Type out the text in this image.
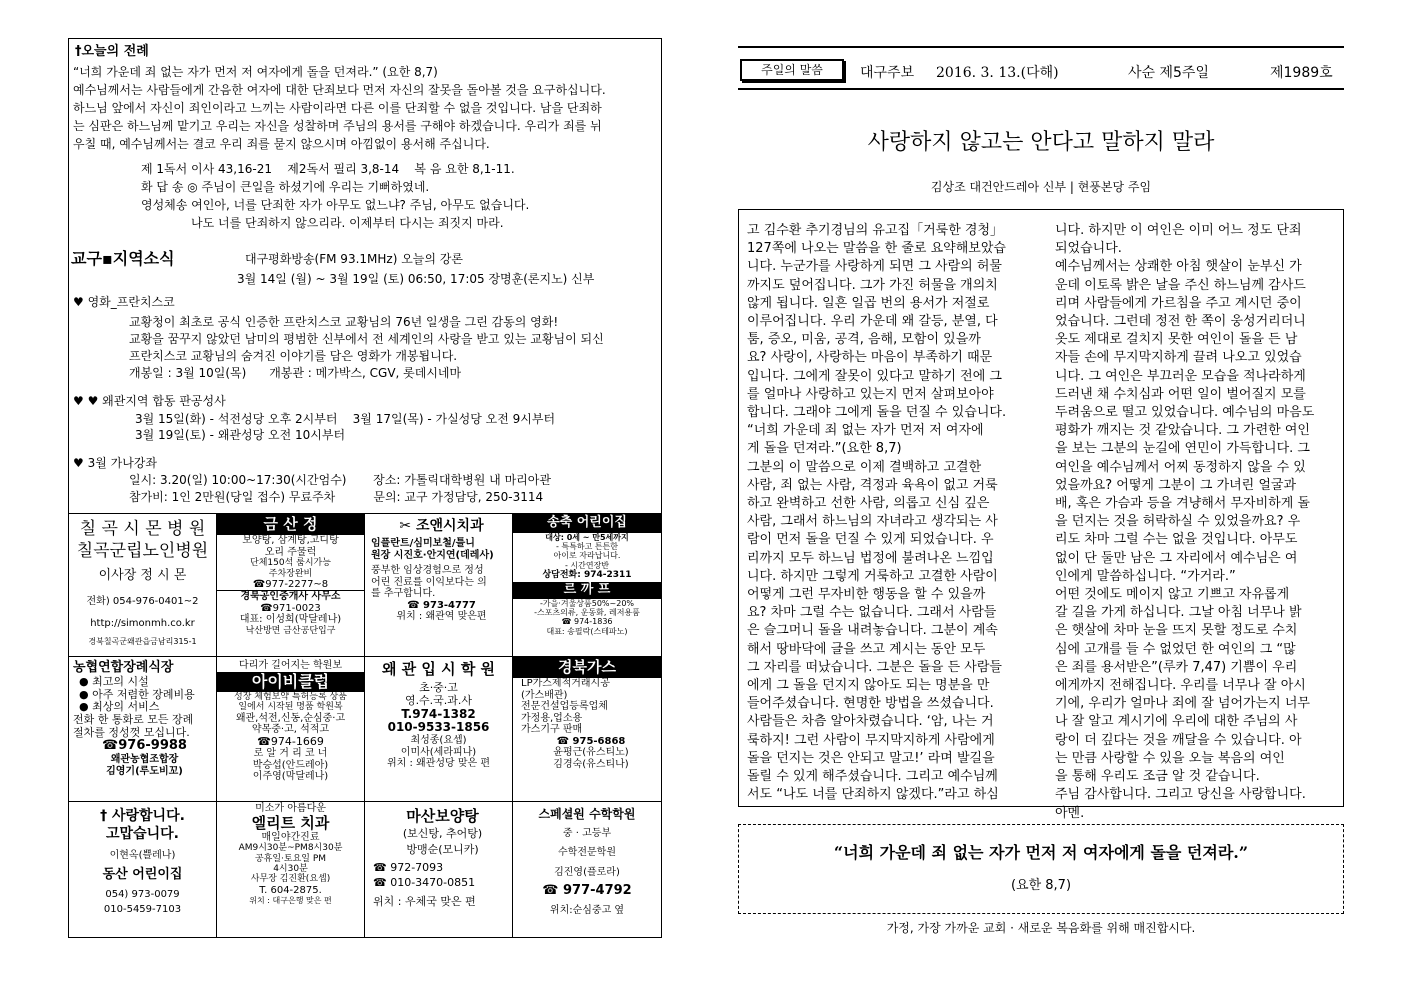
†오늘의 전례
“너희 가운데 죄 없는 자가 먼저 저 여자에게 돌을 던져라.” (요한 8,7)
예수님께서는 사람들에게 간음한 여자에 대한 단죄보다 먼저 자신의 잘못을 돌아볼 것을 요구하십니다.
하느님 앞에서 자신이 죄인이라고 느끼는 사람이라면 다른 이를 단죄할 수 없을 것입니다. 남을 단죄하
는 심판은 하느님께 맡기고 우리는 자신을 성찰하며 주님의 용서를 구해야 하겠습니다. 우리가 죄를 뉘
우칠 때, 예수님께서는 결코 우리 죄를 묻지 않으시며 아낌없이 용서해 주십니다.
제 1독서 이사 43,16-21    제2독서 필리 3,8-14    복 음 요한 8,1-11.
화 답 송 ◎ 주님이 큰일을 하셨기에 우리는 기뻐하였네.
영성체송 여인아, 너를 단죄한 자가 아무도 없느냐? 주님, 아무도 없습니다.
나도 너를 단죄하지 않으리라. 이제부터 다시는 죄짓지 마라.
교구▪지역소식	대구평화방송(FM 93.1MHz) 오늘의 강론
3월 14일 (월) ~ 3월 19일 (토) 06:50, 17:05 장명훈(론지노) 신부
♥ 영화_프란치스코
교황청이 최초로 공식 인증한 프란치스코 교황님의 76년 일생을 그린 감동의 영화!
교황을 꿈꾸지 않았던 남미의 평범한 신부에서 전 세계인의 사랑을 받고 있는 교황님이 되신
프란치스코 교황님의 숨겨진 이야기를 담은 영화가 개봉됩니다.
개봉일 : 3월 10일(목)      개봉관 : 메가박스, CGV, 롯데시네마
♥ ♥ 왜관지역 합동 판공성사
3월 15일(화) - 석전성당 오후 2시부터    3월 17일(목) - 가실성당 오전 9시부터
3월 19일(토) - 왜관성당 오전 10시부터
♥ 3월 가나강좌
일시: 3.20(일) 10:00~17:30(시간엄수)       장소: 가톨릭대학병원 내 마리아관
참가비: 1인 2만원(당일 접수) 무료주차          문의: 교구 가정담당, 250-3114
칠 곡 시 몬 병 원
칠곡군립노인병원
이사장 정 시 몬
전화) 054-976-0401~2
http://simonmh.co.kr
경북칠곡군왜관읍금남리315-1
금 산 정
보양탕, 삼계탕,고디탕
오리 주물럭
단체150석 룸시가능
주차장완비
☎977-2277~8
경북공인중개사 사무소
☎971-0023
대표: 이성희(막달레나)
낙산방면 금산공단입구
✂ 조앤시치과
임플란트/심미보철/틀니
원장 시진호·안지연(데레사)
풍부한 임상경험으로 정성
어린 진료를 이익보다는 의
를 추구합니다.
☎ 973-4777
위치 : 왜관역 맞은편
송축 어린이집
대상: 0세 ~ 만5세까지
- 특특하고 튼튼한
아이로 자라납니다.
- 시간연장반
상담전화: 974-2311
르 까 프
-가을·겨울상품50%~20%
-스포츠의류, 운동화, 레저용품
☎ 974-1836
대표: 송필락(스테파노)
농협연합장례식장
● 최고의 시설
● 아주 저렴한 장례비용
● 최상의 서비스
전화 한 통화로 모든 장례
절차를 정성껏 모십니다.
☎976-9988
왜관농협조합장
김영기(루도비꼬)
다리가 길어지는 학원보
아이비클럽
성장 체험보약 특허등록 상품
일에서 시작된 명품 학원복
왜관,석전,신동,순심중·고
약목중·고, 석적고
☎974-1669
로 알 거 리 코 너
박승섭(안드레아)
이주영(막달레나)
왜 관 입 시 학 원
초·중·고
영.수.국.과.사
T.974-1382
010-9533-1856
최성종(요셉)
이미사(세라피나)
위치 : 왜관성당 맞은 편
경북가스
LP가스제적거래시공
(가스배관)
전문건설업등록업체
가정용,업소용
가스기구 판매
☎ 975-6868
윤평근(유스티노)
김경숙(유스티나)
† 사랑합니다.
고맙습니다.
이현옥(쁠레나)
동산 어린이집
054) 973-0079
010-5459-7103
미소가 아름다운
엘리트 치과
매일야간진료
AM9시30분~PM8시30분
공휴일·토요일 PM
4시30분
사무장 김진환(요셉)
T. 604-2875.
위치 : 대구은행 맞은 편
마산보양탕
(보신탕, 추어탕)
방맹순(모니카)
☎ 972-7093
☎ 010-3470-0851
위치 : 우체국 맞은 편
스페셜원 수학학원
중 · 고등부
수학전문학원
김진영(플로라)
☎ 977-4792
위치:순심중고 옆
주일의 말씀	대구주보 2016. 3. 13.(다해)	사순 제5주일	제1989호
사랑하지 않고는 안다고 말하지 말라
김상조 대건안드레아 신부 | 현풍본당 주임
고 김수환 추기경님의 유고집「거룩한 경청」
127쪽에 나오는 말씀을 한 줄로 요약해보았습
니다. 누군가를 사랑하게 되면 그 사람의 허물
까지도 덮어집니다. 그가 가진 허물을 개의치
않게 됩니다. 일흔 일곱 번의 용서가 저절로
이루어집니다. 우리 가운데 왜 갈등, 분열, 다
툼, 증오, 미움, 공격, 음해, 모함이 있을까
요? 사랑이, 사랑하는 마음이 부족하기 때문
입니다. 그에게 잘못이 있다고 말하기 전에 그
를 얼마나 사랑하고 있는지 먼저 살펴보아야
합니다. 그래야 그에게 돌을 던질 수 있습니다.
“너희 가운데 죄 없는 자가 먼저 저 여자에
게 돌을 던져라.”(요한 8,7)
그분의 이 말씀으로 이제 결백하고 고결한
사람, 죄 없는 사람, 격정과 육욕이 없고 거룩
하고 완벽하고 선한 사람, 의롭고 신심 깊은
사람, 그래서 하느님의 자녀라고 생각되는 사
람이 먼저 돌을 던질 수 있게 되었습니다. 우
리까지 모두 하느님 법정에 불려나온 느낌입
니다. 하지만 그렇게 거룩하고 고결한 사람이
어떻게 그런 무자비한 행동을 할 수 있을까
요? 차마 그럴 수는 없습니다. 그래서 사람들
은 슬그머니 돌을 내려놓습니다. 그분이 계속
해서 땅바닥에 글을 쓰고 계시는 동안 모두
그 자리를 떠났습니다. 그분은 돌을 든 사람들
에게 그 돌을 던지지 않아도 되는 명분을 만
들어주셨습니다. 현명한 방법을 쓰셨습니다.
사람들은 차츰 알아차렸습니다. ‘암, 나는 거
룩하지! 그런 사람이 무지막지하게 사람에게
돌을 던지는 것은 안되고 말고!’ 라며 발길을
돌릴 수 있게 해주셨습니다. 그리고 예수님께
서도 “나도 너를 단죄하지 않겠다.”라고 하심
니다. 하지만 이 여인은 이미 어느 정도 단죄
되었습니다.
예수님께서는 상쾌한 아침 햇살이 눈부신 가
운데 이토록 밝은 날을 주신 하느님께 감사드
리며 사람들에게 가르침을 주고 계시던 중이
었습니다. 그런데 정전 한 쪽이 웅성거리더니
옷도 제대로 걸치지 못한 여인이 돌을 든 남
자들 손에 무지막지하게 끌려 나오고 있었습
니다. 그 여인은 부끄러운 모습을 적나라하게
드러낸 채 수치심과 어떤 일이 벌어질지 모를
두려움으로 떨고 있었습니다. 예수님의 마음도
평화가 깨지는 것 같았습니다. 그 가련한 여인
을 보는 그분의 눈길에 연민이 가득합니다. 그
여인을 예수님께서 어찌 동정하지 않을 수 있
었을까요? 어떻게 그분이 그 가녀린 얼굴과
배, 혹은 가슴과 등을 겨냥해서 무자비하게 돌
을 던지는 것을 허락하실 수 있었을까요? 우
리도 차마 그럴 수는 없을 것입니다. 아무도
없이 단 둘만 남은 그 자리에서 예수님은 여
인에게 말씀하십니다. “가거라.”
어떤 것에도 메이지 않고 기쁘고 자유롭게
갈 길을 가게 하십니다. 그날 아침 너무나 밝
은 햇살에 차마 눈을 뜨지 못할 정도로 수치
심에 고개를 들 수 없었던 한 여인의 그 “많
은 죄를 용서받은”(루카 7,47) 기쁨이 우리
에게까지 전해집니다. 우리를 너무나 잘 아시
기에, 우리가 얼마나 죄에 잘 넘어가는지 너무
나 잘 알고 계시기에 우리에 대한 주님의 사
랑이 더 깊다는 것을 깨달을 수 있습니다. 아
는 만큼 사랑할 수 있을 오늘 복음의 여인
을 통해 우리도 조금 알 것 같습니다.
주님 감사합니다. 그리고 당신을 사랑합니다.
아멘.
“너희 가운데 죄 없는 자가 먼저 저 여자에게 돌을 던져라.”
(요한 8,7)
가정, 가장 가까운 교회 · 새로운 복음화를 위해 매진합시다.
